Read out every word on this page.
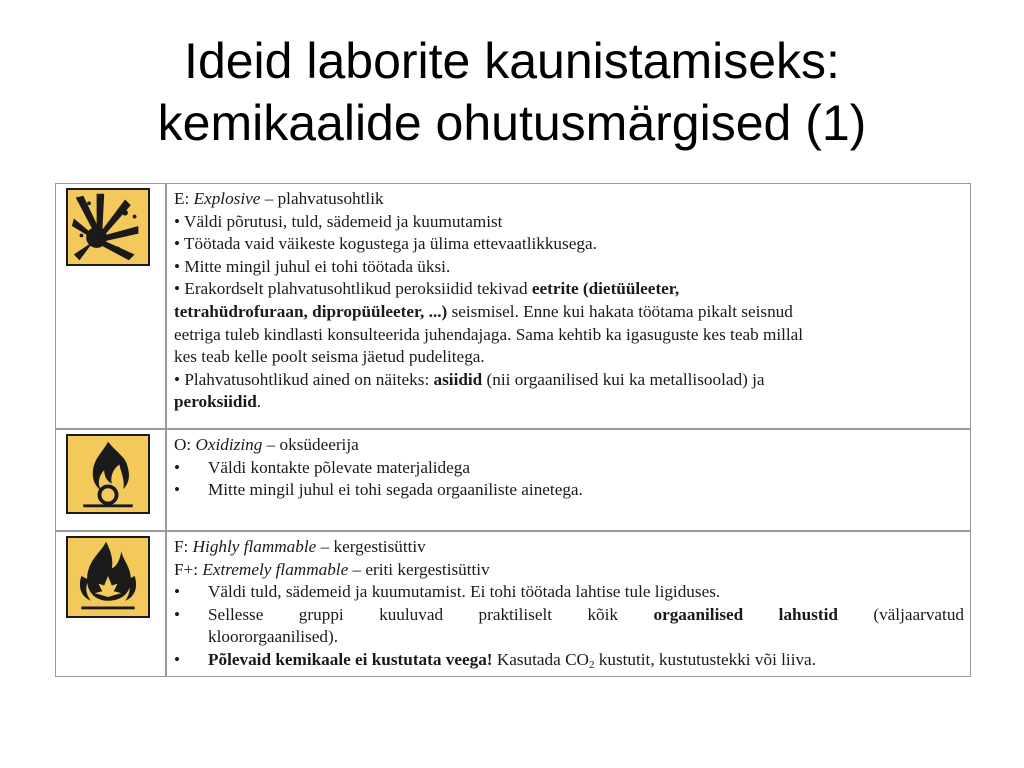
Ideid laborite kaunistamiseks:
kemikaalide ohutusmärgised (1)
E: Explosive – plahvatusohtlik
• Väldi põrutusi, tuld, sädemeid ja kuumutamist
• Töötada vaid väikeste kogustega ja ülima ettevaatlikkusega.
• Mitte mingil juhul ei tohi töötada üksi.
• Erakordselt plahvatusohtlikud peroksiidid tekivad eetrite (dietüüleeter,
tetrahüdrofuraan, dipropüüleeter, ...) seismisel. Enne kui hakata töötama pikalt seisnud
eetriga tuleb kindlasti konsulteerida juhendajaga. Sama kehtib ka igasuguste kes teab millal
kes teab kelle poolt seisma jäetud pudelitega.
• Plahvatusohtlikud ained on näiteks: asiidid (nii orgaanilised kui ka metallisoolad) ja
peroksiidid.
O: Oxidizing – oksüdeerija
• Väldi kontakte põlevate materjalidega
• Mitte mingil juhul ei tohi segada orgaaniliste ainetega.
F: Highly flammable – kergestisüttiv
F+: Extremely flammable – eriti kergestisüttiv
• Väldi tuld, sädemeid ja kuumutamist. Ei tohi töötada lahtise tule ligiduses.
• Sellesse gruppi kuuluvad praktiliselt kõik orgaanilised lahustid (väljaarvatud
kloororgaanilised).
• Põlevaid kemikaale ei kustutata veega! Kasutada $CO_2$ kustutit, kustutustekki või liiva.
